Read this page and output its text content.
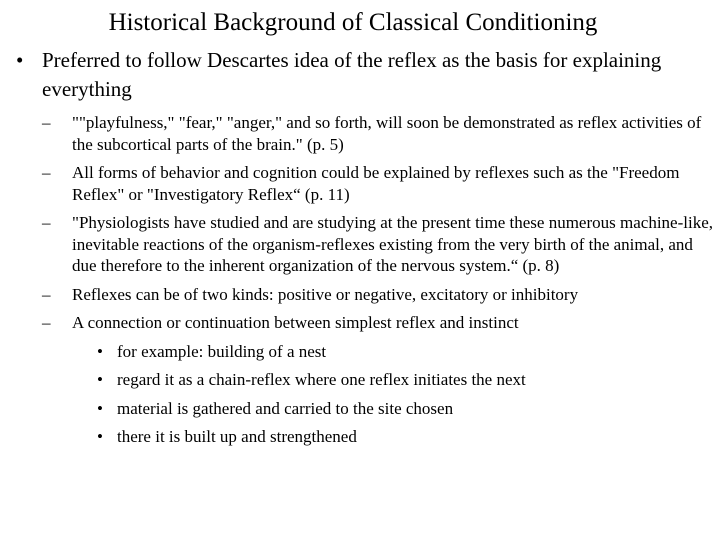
Historical Background of Classical Conditioning
• Preferred to follow Descartes idea of the reflex as the basis for explaining everything
– ""playfulness," "fear," "anger," and so forth, will soon be demonstrated as reflex activities of the subcortical parts of the brain." (p. 5)
– All forms of behavior and cognition could be explained by reflexes such as the "Freedom Reflex" or "Investigatory Reflex“ (p. 11)
– "Physiologists have studied and are studying at the present time these numerous machine-like, inevitable reactions of the organism-reflexes existing from the very birth of the animal, and due therefore to the inherent organization of the nervous system.“ (p. 8)
– Reflexes can be of two kinds: positive or negative, excitatory or inhibitory
– A connection or continuation between simplest reflex and instinct
• for example: building of a nest
• regard it as a chain-reflex where one reflex initiates the next
• material is gathered and carried to the site chosen
• there it is built up and strengthened
